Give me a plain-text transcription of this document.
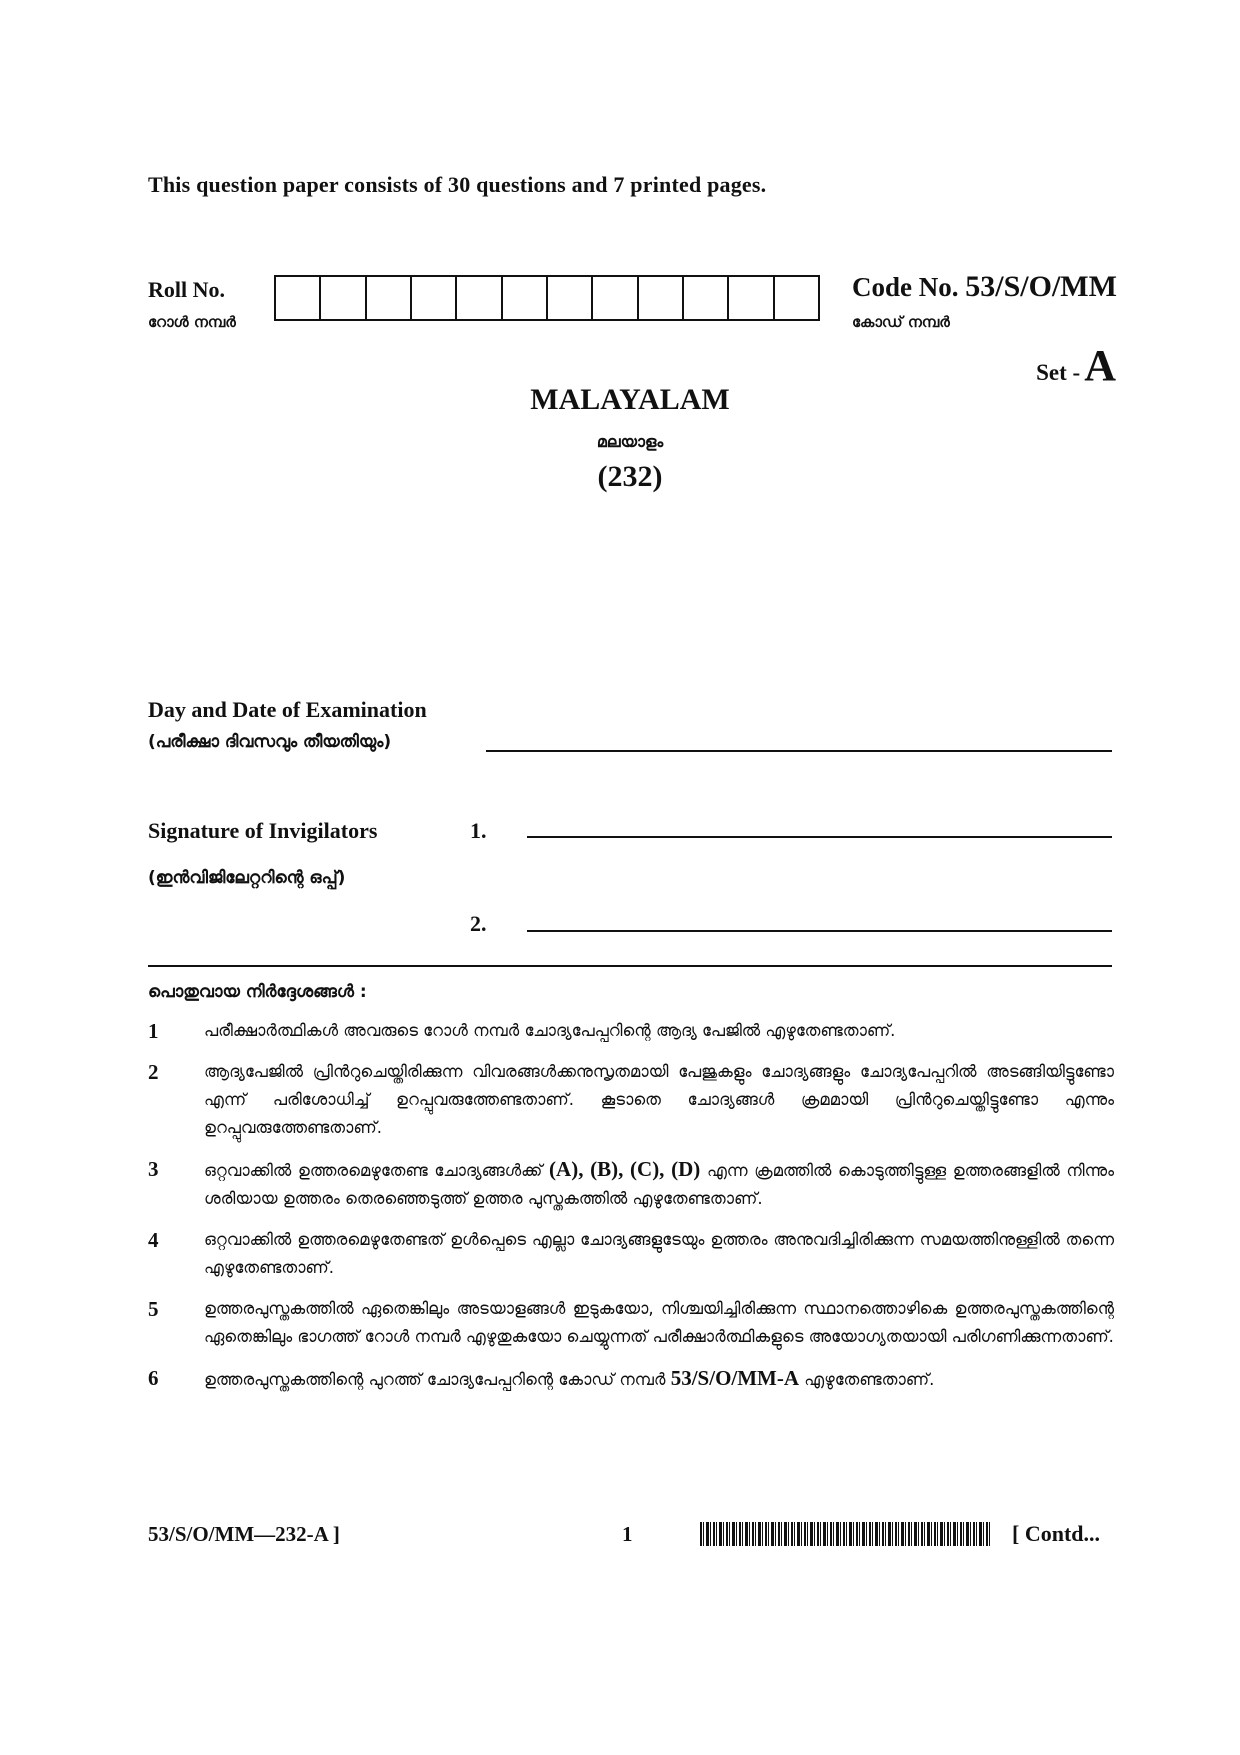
This question paper consists of 30 questions and 7 printed pages.
Roll No.
റോൾ നമ്പർ
Code No. 53/S/O/MM
കോഡ് നമ്പർ
Set - A
MALAYALAM
മലയാളം
(232)
Day and Date of Examination
(പരീക്ഷാ ദിവസവും തീയതിയും)
Signature of Invigilators	1.
(ഇൻവിജിലേറ്ററിന്റെ ഒപ്പ്)
2.
പൊതുവായ നിർദ്ദേശങ്ങൾ :
1	പരീക്ഷാർത്ഥികൾ അവരുടെ റോൾ നമ്പർ ചോദ്യപേപ്പറിന്റെ ആദ്യ പേജിൽ എഴുതേണ്ടതാണ്.
2	ആദ്യപേജിൽ പ്രിൻറുചെയ്തിരിക്കുന്ന വിവരങ്ങൾക്കനുസൃതമായി പേജുകളും ചോദ്യങ്ങളും ചോദ്യപേപ്പറിൽ അടങ്ങിയിട്ടുണ്ടോ എന്ന് പരിശോധിച്ച് ഉറപ്പുവരുത്തേണ്ടതാണ്. കൂടാതെ ചോദ്യങ്ങൾ ക്രമമായി പ്രിൻറുചെയ്തിട്ടുണ്ടോ എന്നും ഉറപ്പുവരുത്തേണ്ടതാണ്.
3	ഒറ്റവാക്കിൽ ഉത്തരമെഴുതേണ്ട ചോദ്യങ്ങൾക്ക് (A), (B), (C), (D) എന്ന ക്രമത്തിൽ കൊടുത്തിട്ടുള്ള ഉത്തരങ്ങളിൽ നിന്നും ശരിയായ ഉത്തരം തെരഞ്ഞെടുത്ത് ഉത്തര പുസ്തകത്തിൽ എഴുതേണ്ടതാണ്.
4	ഒറ്റവാക്കിൽ ഉത്തരമെഴുതേണ്ടത് ഉൾപ്പെടെ എല്ലാ ചോദ്യങ്ങളുടേയും ഉത്തരം അനുവദിച്ചിരിക്കുന്ന സമയത്തിനുള്ളിൽ തന്നെ എഴുതേണ്ടതാണ്.
5	ഉത്തരപുസ്തകത്തിൽ ഏതെങ്കിലും അടയാളങ്ങൾ ഇടുകയോ, നിശ്ചയിച്ചിരിക്കുന്ന സ്ഥാനത്തൊഴികെ ഉത്തരപുസ്തകത്തിന്റെ ഏതെങ്കിലും ഭാഗത്ത് റോൾ നമ്പർ എഴുതുകയോ ചെയ്യുന്നത് പരീക്ഷാർത്ഥികളുടെ അയോഗ്യതയായി പരിഗണിക്കുന്നതാണ്.
6	ഉത്തരപുസ്തകത്തിന്റെ പുറത്ത് ചോദ്യപേപ്പറിന്റെ കോഡ് നമ്പർ 53/S/O/MM-A എഴുതേണ്ടതാണ്.
53/S/O/MM—232-A ]	1	[ Contd...
